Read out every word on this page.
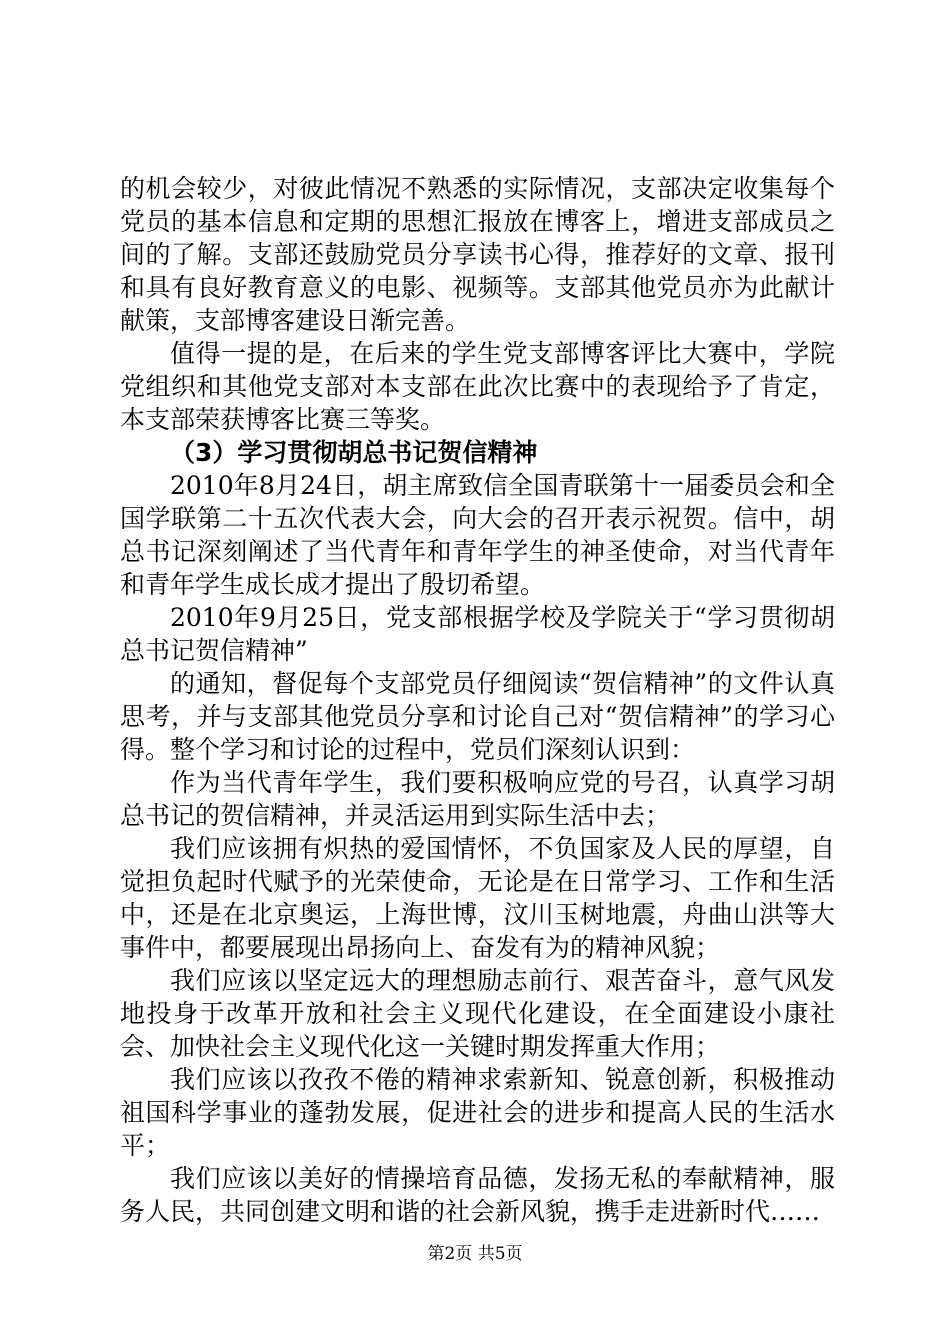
的机会较少，对彼此情况不熟悉的实际情况，支部决定收集每个党员的基本信息和定期的思想汇报放在博客上，增进支部成员之间的了解。支部还鼓励党员分享读书心得，推荐好的文章、报刊和具有良好教育意义的电影、视频等。支部其他党员亦为此献计献策，支部博客建设日渐完善。

值得一提的是，在后来的学生党支部博客评比大赛中，学院党组织和其他党支部对本支部在此次比赛中的表现给予了肯定，本支部荣获博客比赛三等奖。

（3）学习贯彻胡总书记贺信精神

2010年8月24日，胡主席致信全国青联第十一届委员会和全国学联第二十五次代表大会，向大会的召开表示祝贺。信中，胡总书记深刻阐述了当代青年和青年学生的神圣使命，对当代青年和青年学生成长成才提出了殷切希望。

2010年9月25日，党支部根据学校及学院关于“学习贯彻胡总书记贺信精神”

的通知，督促每个支部党员仔细阅读“贺信精神”的文件认真思考，并与支部其他党员分享和讨论自己对“贺信精神”的学习心得。整个学习和讨论的过程中，党员们深刻认识到：

作为当代青年学生，我们要积极响应党的号召，认真学习胡总书记的贺信精神，并灵活运用到实际生活中去；

我们应该拥有炽热的爱国情怀，不负国家及人民的厚望，自觉担负起时代赋予的光荣使命，无论是在日常学习、工作和生活中，还是在北京奥运，上海世博，汶川玉树地震，舟曲山洪等大事件中，都要展现出昂扬向上、奋发有为的精神风貌；

我们应该以坚定远大的理想励志前行、艰苦奋斗，意气风发地投身于改革开放和社会主义现代化建设，在全面建设小康社会、加快社会主义现代化这一关键时期发挥重大作用；

我们应该以孜孜不倦的精神求索新知、锐意创新，积极推动祖国科学事业的蓬勃发展，促进社会的进步和提高人民的生活水平；

我们应该以美好的情操培育品德，发扬无私的奉献精神，服务人民，共同创建文明和谐的社会新风貌，携手走进新时代……

第2页 共5页
